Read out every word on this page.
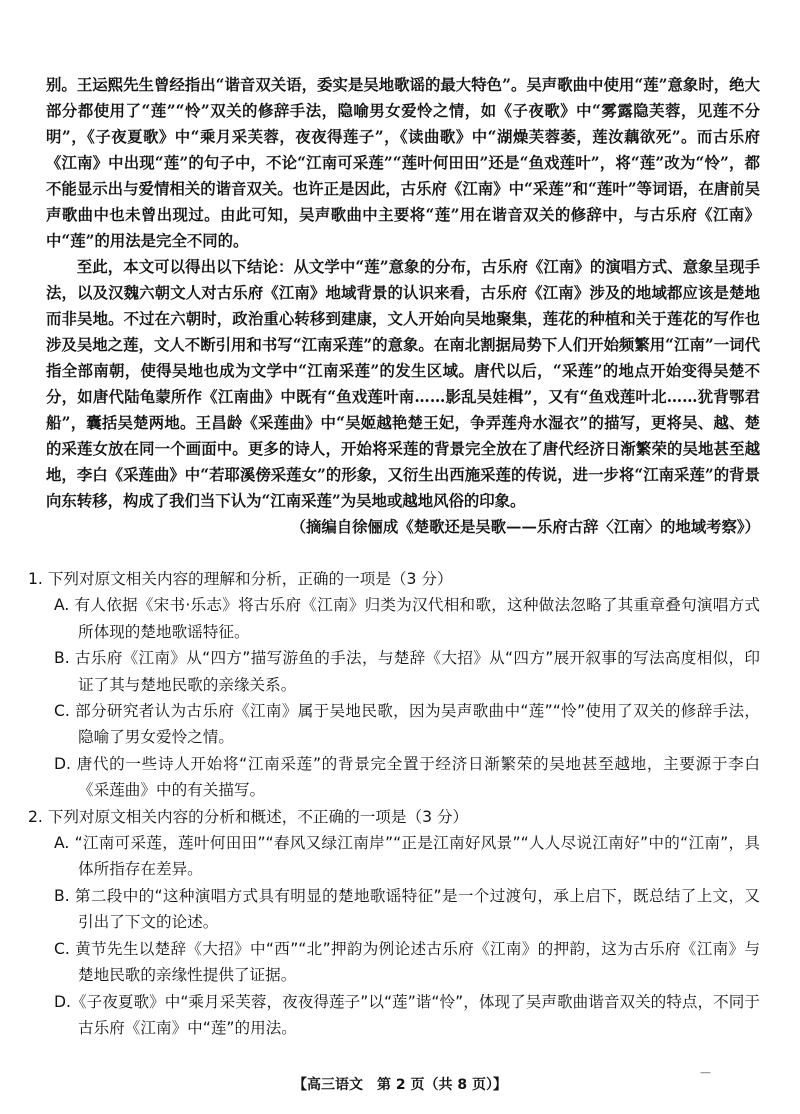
别。王运熙先生曾经指出“谐音双关语，委实是吴地歌谣的最大特色”。吴声歌曲中使用“莲”意象时，绝大部分都使用了“莲”“怜”双关的修辞手法，隐喻男女爱怜之情，如《子夜歌》中“雾露隐芙蓉，见莲不分明”，《子夜夏歌》中“乘月采芙蓉，夜夜得莲子”，《读曲歌》中“湖燥芙蓉萎，莲汝藕欲死”。而古乐府《江南》中出现“莲”的句子中，不论“江南可采莲”“莲叶何田田”还是“鱼戏莲叶”，将“莲”改为“怜”，都不能显示出与爱情相关的谐音双关。也许正是因此，古乐府《江南》中“采莲”和“莲叶”等词语，在唐前吴声歌曲中也未曾出现过。由此可知，吴声歌曲中主要将“莲”用在谐音双关的修辞中，与古乐府《江南》中“莲”的用法是完全不同的。

至此，本文可以得出以下结论：从文学中“莲”意象的分布，古乐府《江南》的演唱方式、意象呈现手法，以及汉魏六朝文人对古乐府《江南》地域背景的认识来看，古乐府《江南》涉及的地域都应该是楚地而非吴地。不过在六朝时，政治重心转移到建康，文人开始向吴地聚集，莲花的种植和关于莲花的写作也涉及吴地之莲，文人不断引用和书写“江南采莲”的意象。在南北割据局势下人们开始频繁用“江南”一词代指全部南朝，使得吴地也成为文学中“江南采莲”的发生区域。唐代以后，“采莲”的地点开始变得吴楚不分，如唐代陆龟蒙所作《江南曲》中既有“鱼戏莲叶南……影乱吴娃楫”，又有“鱼戏莲叶北……犹背鄂君船”，囊括吴楚两地。王昌龄《采莲曲》中“吴姬越艳楚王妃，争弄莲舟水湿衣”的描写，更将吴、越、楚的采莲女放在同一个画面中。更多的诗人，开始将采莲的背景完全放在了唐代经济日渐繁荣的吴地甚至越地，李白《采莲曲》中“若耶溪傍采莲女”的形象，又衍生出西施采莲的传说，进一步将“江南采莲”的背景向东转移，构成了我们当下认为“江南采莲”为吴地或越地风俗的印象。

（摘编自徐俪成《楚歌还是吴歌——乐府古辞〈江南〉的地域考察》）

1. 下列对原文相关内容的理解和分析，正确的一项是（3 分）

A. 有人依据《宋书·乐志》将古乐府《江南》归类为汉代相和歌，这种做法忽略了其重章叠句演唱方式所体现的楚地歌谣特征。

B. 古乐府《江南》从“四方”描写游鱼的手法，与楚辞《大招》从“四方”展开叙事的写法高度相似，印证了其与楚地民歌的亲缘关系。

C. 部分研究者认为古乐府《江南》属于吴地民歌，因为吴声歌曲中“莲”“怜”使用了双关的修辞手法，隐喻了男女爱怜之情。

D. 唐代的一些诗人开始将“江南采莲”的背景完全置于经济日渐繁荣的吴地甚至越地，主要源于李白《采莲曲》中的有关描写。

2. 下列对原文相关内容的分析和概述，不正确的一项是（3 分）

A. “江南可采莲，莲叶何田田”“春风又绿江南岸”“正是江南好风景”“人人尽说江南好”中的“江南”，具体所指存在差异。

B. 第二段中的“这种演唱方式具有明显的楚地歌谣特征”是一个过渡句，承上启下，既总结了上文，又引出了下文的论述。

C. 黄节先生以楚辞《大招》中“西”“北”押韵为例论述古乐府《江南》的押韵，这为古乐府《江南》与楚地民歌的亲缘性提供了证据。

D.《子夜夏歌》中“乘月采芙蓉，夜夜得莲子”以“莲”谐“怜”，体现了吴声歌曲谐音双关的特点，不同于古乐府《江南》中“莲”的用法。

【高三语文　第 2 页（共 8 页）】
—
